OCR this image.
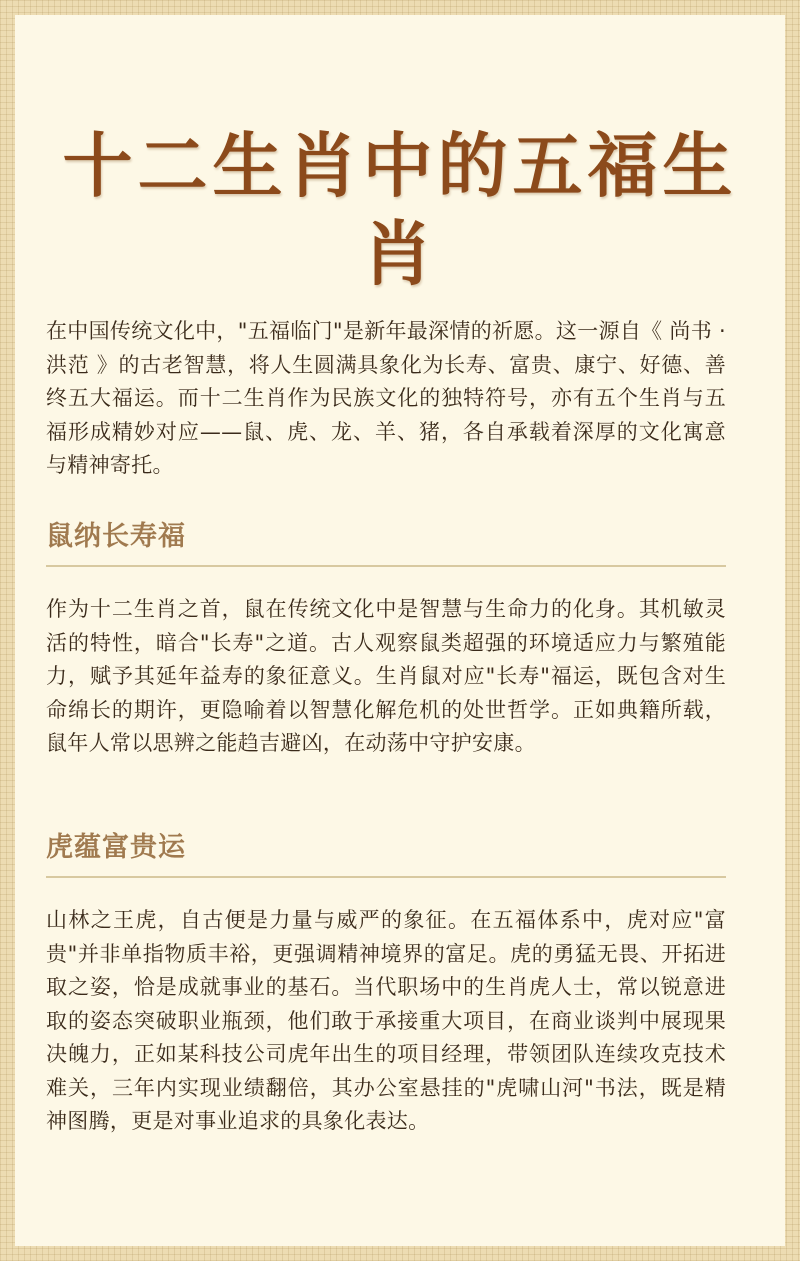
十二生肖中的五福生肖

在中国传统文化中，"五福临门"是新年最深情的祈愿。这一源自《 尚书 · 洪范 》的古老智慧，将人生圆满具象化为长寿、富贵、康宁、好德、善终五大福运。而十二生肖作为民族文化的独特符号，亦有五个生肖与五福形成精妙对应——鼠、虎、龙、羊、猪，各自承载着深厚的文化寓意与精神寄托。

鼠纳长寿福

作为十二生肖之首，鼠在传统文化中是智慧与生命力的化身。其机敏灵活的特性，暗合"长寿"之道。古人观察鼠类超强的环境适应力与繁殖能力，赋予其延年益寿的象征意义。生肖鼠对应"长寿"福运，既包含对生命绵长的期许，更隐喻着以智慧化解危机的处世哲学。正如典籍所载，鼠年人常以思辨之能趋吉避凶，在动荡中守护安康。

虎蕴富贵运

山林之王虎，自古便是力量与威严的象征。在五福体系中，虎对应"富贵"并非单指物质丰裕，更强调精神境界的富足。虎的勇猛无畏、开拓进取之姿，恰是成就事业的基石。当代职场中的生肖虎人士，常以锐意进取的姿态突破职业瓶颈，他们敢于承接重大项目，在商业谈判中展现果决魄力，正如某科技公司虎年出生的项目经理，带领团队连续攻克技术难关，三年内实现业绩翻倍，其办公室悬挂的"虎啸山河"书法，既是精神图腾，更是对事业追求的具象化表达。
